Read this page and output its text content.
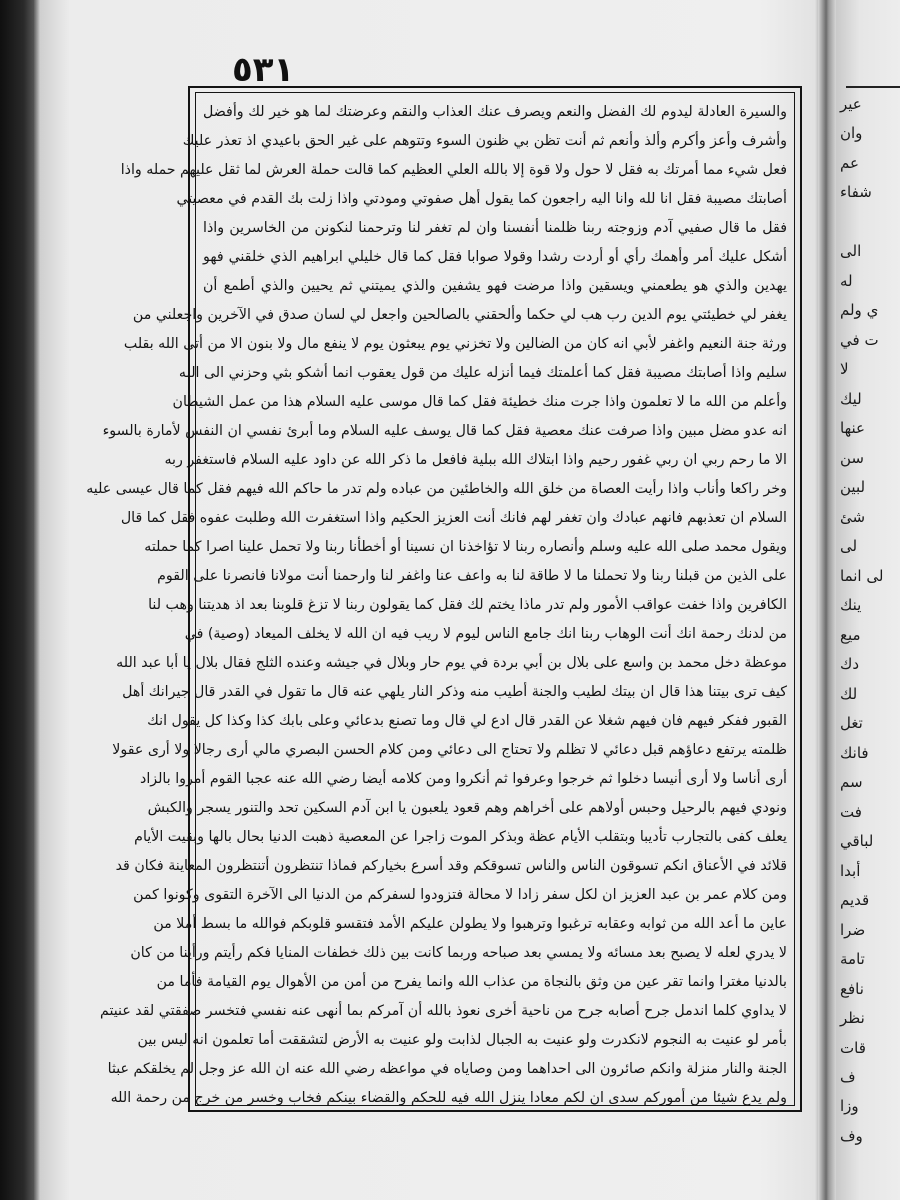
٥٣١
والسيرة العادلة ليدوم لك الفضل والنعم ويصرف عنك العذاب والنقم وعرضتك لما هو خير لك وأفضل
وأشرف وأعز وأكرم وألذ وأنعم ثم أنت تظن بي ظنون السوء وتتوهم على غير الحق باعيدي اذ تعذر عليك
فعل شيء مما أمرتك به فقل لا حول ولا قوة إلا بالله العلي العظيم كما قالت حملة العرش لما ثقل عليهم حمله واذا
أصابتك مصيبة فقل انا لله وانا اليه راجعون كما يقول أهل صفوتي ومودتي واذا زلت بك القدم في معصيتي
فقل ما قال صفيي آدم وزوجته ربنا ظلمنا أنفسنا وان لم تغفر لنا وترحمنا لنكونن من الخاسرين واذا
أشكل عليك أمر وأهمك رأي أو أردت رشدا وقولا صوابا فقل كما قال خليلي ابراهيم الذي خلقني فهو
يهدين والذي هو يطعمني ويسقين واذا مرضت فهو يشفين والذي يميتني ثم يحيين والذي أطمع أن
يغفر لي خطيئتي يوم الدين رب هب لي حكما وألحقني بالصالحين واجعل لي لسان صدق في الآخرين واجعلني من
ورثة جنة النعيم واغفر لأبي انه كان من الضالين ولا تخزني يوم يبعثون يوم لا ينفع مال ولا بنون الا من أتى الله بقلب
سليم واذا أصابتك مصيبة فقل كما أعلمتك فيما أنزله عليك من قول يعقوب انما أشكو بثي وحزني الى الله
وأعلم من الله ما لا تعلمون واذا جرت منك خطيئة فقل كما قال موسى عليه السلام هذا من عمل الشيطان
انه عدو مضل مبين واذا صرفت عنك معصية فقل كما قال يوسف عليه السلام وما أبرئ نفسي ان النفس لأمارة بالسوء
الا ما رحم ربي ان ربي غفور رحيم واذا ابتلاك الله ببلية فافعل ما ذكر الله عن داود عليه السلام فاستغفر ربه
وخر راكعا وأناب واذا رأيت العصاة من خلق الله والخاطئين من عباده ولم تدر ما حاكم الله فيهم فقل كما قال عيسى عليه
السلام ان تعذبهم فانهم عبادك وان تغفر لهم فانك أنت العزيز الحكيم واذا استغفرت الله وطلبت عفوه فقل كما قال
ويقول محمد صلى الله عليه وسلم وأنصاره ربنا لا تؤاخذنا ان نسينا أو أخطأنا ربنا ولا تحمل علينا اصرا كما حملته
على الذين من قبلنا ربنا ولا تحملنا ما لا طاقة لنا به واعف عنا واغفر لنا وارحمنا أنت مولانا فانصرنا على القوم
الكافرين واذا خفت عواقب الأمور ولم تدر ماذا يختم لك فقل كما يقولون ربنا لا تزغ قلوبنا بعد اذ هديتنا وهب لنا
من لدنك رحمة انك أنت الوهاب ربنا انك جامع الناس ليوم لا ريب فيه ان الله لا يخلف الميعاد (وصية) في
موعظة دخل محمد بن واسع على بلال بن أبي بردة في يوم حار وبلال في جيشه وعنده الثلج فقال بلال يا أبا عبد الله
كيف ترى بيتنا هذا قال ان بيتك لطيب والجنة أطيب منه وذكر النار يلهي عنه قال ما تقول في القدر قال جيرانك أهل
القبور ففكر فيهم فان فيهم شغلا عن القدر قال ادع لي قال وما تصنع بدعائي وعلى بابك كذا وكذا كل يقول انك
ظلمته يرتفع دعاؤهم قبل دعائي لا تظلم ولا تحتاج الى دعائي ومن كلام الحسن البصري مالي أرى رجالا ولا أرى عقولا
أرى أناسا ولا أرى أنيسا دخلوا ثم خرجوا وعرفوا ثم أنكروا ومن كلامه أيضا رضي الله عنه عجبا القوم أمروا بالزاد
ونودي فيهم بالرحيل وحبس أولاهم على أخراهم وهم قعود يلعبون يا ابن آدم السكين تحد والتنور يسجر والكبش
يعلف كفى بالتجارب تأديبا وبتقلب الأيام عظة وبذكر الموت زاجرا عن المعصية ذهبت الدنيا بحال بالها وبقيت الأيام
قلائد في الأعناق انكم تسوقون الناس والناس تسوقكم وقد أسرع بخياركم فماذا تنتظرون أتنتظرون المعاينة فكان قد
ومن كلام عمر بن عبد العزيز ان لكل سفر زادا لا محالة فتزودوا لسفركم من الدنيا الى الآخرة التقوى وكونوا كمن
عاين ما أعد الله من ثوابه وعقابه ترغبوا وترهبوا ولا يطولن عليكم الأمد فتقسو قلوبكم فوالله ما بسط أملا من
لا يدري لعله لا يصبح بعد مسائه ولا يمسي بعد صباحه وربما كانت بين ذلك خطفات المنايا فكم رأيتم ورأينا من كان
بالدنيا مغترا وانما تقر عين من وثق بالنجاة من عذاب الله وانما يفرح من أمن من الأهوال يوم القيامة فأما من
لا يداوي كلما اندمل جرح أصابه جرح من ناحية أخرى نعوذ بالله أن آمركم بما أنهى عنه نفسي فتخسر صفقتي لقد عنيتم
بأمر لو عنيت به النجوم لانكدرت ولو عنيت به الجبال لذابت ولو عنيت به الأرض لتشققت أما تعلمون انه ليس بين
الجنة والنار منزلة وانكم صائرون الى احداهما ومن وصاياه في مواعظه رضي الله عنه ان الله عز وجل لم يخلقكم عبثا
ولم يدع شيئا من أموركم سدى ان لكم معادا ينزل الله فيه للحكم والقضاء بينكم فخاب وخسر من خرج من رحمة الله
عير
وان
عم
شفاء
الى
له
ي ولم
ت في
لا
ليك
عنها
سن
لبين
شئ
لى
لى انما
ينك
ميع
دك
لك
تغل
فانك
سم
فت
لباقي
أبدا
قديم
ضرا
تامة
نافع
نظر
قات
ف
وزا
وف
